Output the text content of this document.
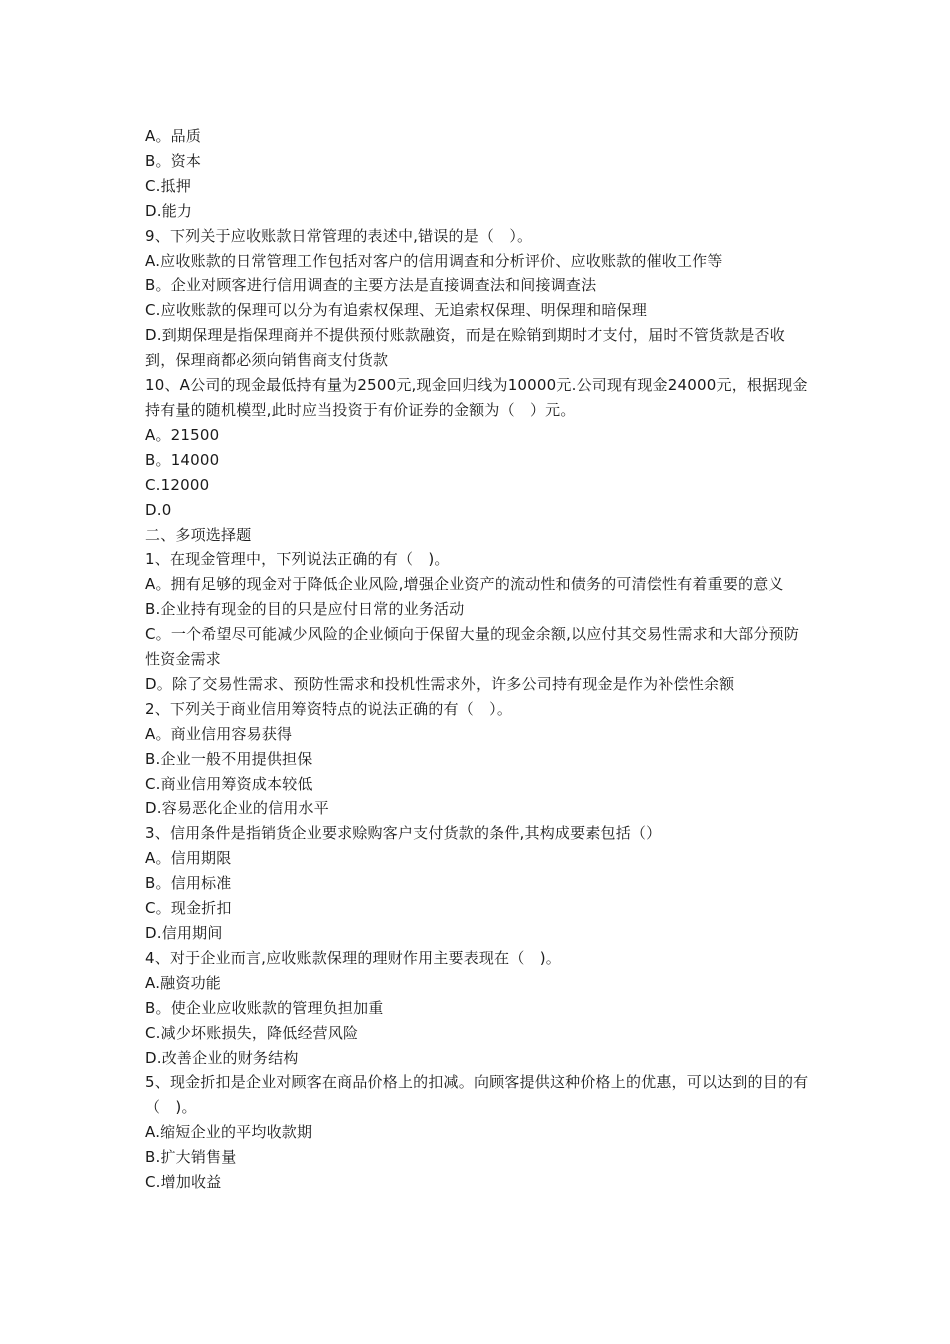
A。品质

B。资本

C.抵押

D.能力

9、下列关于应收账款日常管理的表述中,错误的是（　）。

A.应收账款的日常管理工作包括对客户的信用调查和分析评价、应收账款的催收工作等

B。企业对顾客进行信用调查的主要方法是直接调查法和间接调查法

C.应收账款的保理可以分为有追索权保理、无追索权保理、明保理和暗保理

D.到期保理是指保理商并不提供预付账款融资，而是在赊销到期时才支付，届时不管货款是否收到，保理商都必须向销售商支付货款

10、A公司的现金最低持有量为2500元,现金回归线为10000元.公司现有现金24000元，根据现金持有量的随机模型,此时应当投资于有价证券的金额为（　）元。

A。21500

B。14000

C.12000

D.0

二、多项选择题

1、在现金管理中，下列说法正确的有（　)。

A。拥有足够的现金对于降低企业风险,增强企业资产的流动性和债务的可清偿性有着重要的意义

B.企业持有现金的目的只是应付日常的业务活动

C。一个希望尽可能减少风险的企业倾向于保留大量的现金余额,以应付其交易性需求和大部分预防性资金需求

D。除了交易性需求、预防性需求和投机性需求外，许多公司持有现金是作为补偿性余额

2、下列关于商业信用筹资特点的说法正确的有（　）。

A。商业信用容易获得

B.企业一般不用提供担保

C.商业信用筹资成本较低

D.容易恶化企业的信用水平

3、信用条件是指销货企业要求赊购客户支付货款的条件,其构成要素包括（）

A。信用期限

B。信用标准

C。现金折扣

D.信用期间

4、对于企业而言,应收账款保理的理财作用主要表现在（　)。

A.融资功能

B。使企业应收账款的管理负担加重

C.减少坏账损失，降低经营风险

D.改善企业的财务结构

5、现金折扣是企业对顾客在商品价格上的扣减。向顾客提供这种价格上的优惠，可以达到的目的有（　)。

A.缩短企业的平均收款期

B.扩大销售量

C.增加收益
